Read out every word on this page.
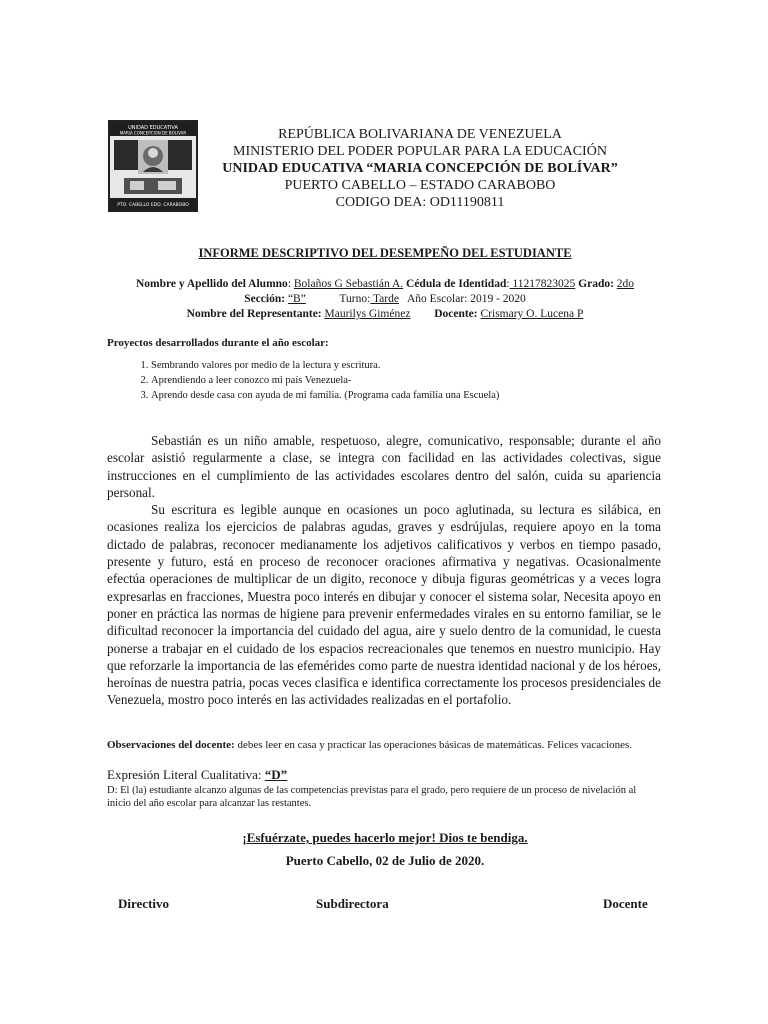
UNIDAD EDUCATIVA
MARIA CONCEPCION DE BOLIVAR
PTO. CABELLO EDO. CARABOBO
REPÚBLICA BOLIVARIANA DE VENEZUELA
MINISTERIO DEL PODER POPULAR PARA LA EDUCACIÓN
UNIDAD EDUCATIVA “MARIA CONCEPCIÓN DE BOLÍVAR”
PUERTO CABELLO – ESTADO CARABOBO
CODIGO DEA: OD11190811
INFORME DESCRIPTIVO DEL DESEMPEÑO DEL ESTUDIANTE
Nombre y Apellido del Alumno: Bolaños G Sebastián A. Cédula de Identidad: 11217823025 Grado: 2do
Sección: “B”	Turno: Tarde Año Escolar: 2019 - 2020
Nombre del Representante: Maurilys Giménez Docente: Crismary O. Lucena P
Proyectos desarrollados durante el año escolar:
1. Sembrando valores por medio de la lectura y escritura.
2. Aprendiendo a leer conozco mi país Venezuela-
3. Aprendo desde casa con ayuda de mi familia. (Programa cada familia una Escuela)

Sebastián es un niño amable, respetuoso, alegre, comunicativo, responsable; durante el año escolar asistió regularmente a clase, se integra con facilidad en las actividades colectivas, sigue instrucciones en el cumplimiento de las actividades escolares dentro del salón, cuida su apariencia personal.

Su escritura es legible aunque en ocasiones un poco aglutinada, su lectura es silábica, en ocasiones realiza los ejercicios de palabras agudas, graves y esdrújulas, requiere apoyo en la toma dictado de palabras, reconocer medianamente los adjetivos calificativos y verbos en tiempo pasado, presente y futuro, está en proceso de reconocer oraciones afirmativa y negativas. Ocasionalmente efectúa operaciones de multiplicar de un digito, reconoce y dibuja figuras geométricas y a veces logra expresarlas en fracciones, Muestra poco interés en dibujar y conocer el sistema solar, Necesita apoyo en poner en práctica las normas de higiene para prevenir enfermedades virales en su entorno familiar, se le dificultad reconocer la importancia del cuidado del agua, aire y suelo dentro de la comunidad, le cuesta ponerse a trabajar en el cuidado de los espacios recreacionales que tenemos en nuestro municipio. Hay que reforzarle la importancia de las efemérides como parte de nuestra identidad nacional y de los héroes, heroínas de nuestra patria, pocas veces clasifica e identifica correctamente los procesos presidenciales de Venezuela, mostro poco interés en las actividades realizadas en el portafolio.

Observaciones del docente: debes leer en casa y practicar las operaciones básicas de matemáticas. Felices vacaciones.
Expresión Literal Cualitativa: “D”
D: El (la) estudiante alcanzo algunas de las competencias previstas para el grado, pero requiere de un proceso de nivelación al inicio del año escolar para alcanzar las restantes.
¡Esfuérzate, puedes hacerlo mejor! Dios te bendiga.
Puerto Cabello, 02 de Julio de 2020.
Directivo	Subdirectora	Docente
